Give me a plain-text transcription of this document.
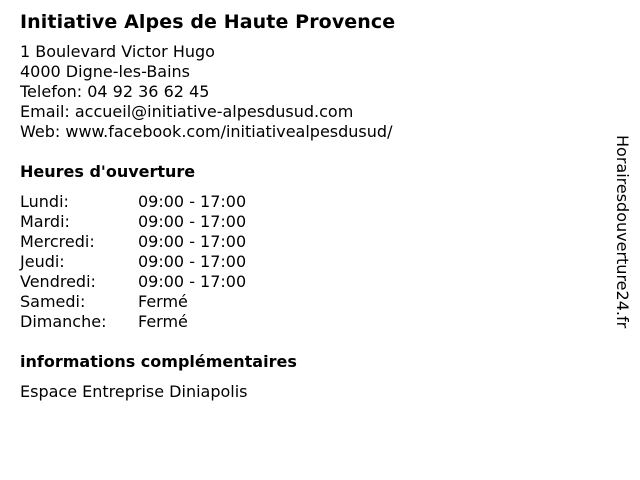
Initiative Alpes de Haute Provence
1 Boulevard Victor Hugo
4000 Digne-les-Bains
Telefon: 04 92 36 62 45
Email: accueil@initiative-alpesdusud.com
Web: www.facebook.com/initiativealpesdusud/
Heures d'ouverture
Lundi:	09:00 - 17:00
Mardi:	09:00 - 17:00
Mercredi:	09:00 - 17:00
Jeudi:	09:00 - 17:00
Vendredi:	09:00 - 17:00
Samedi:	Fermé
Dimanche:	Fermé
informations complémentaires
Espace Entreprise Diniapolis
Horairesdouverture24.fr
